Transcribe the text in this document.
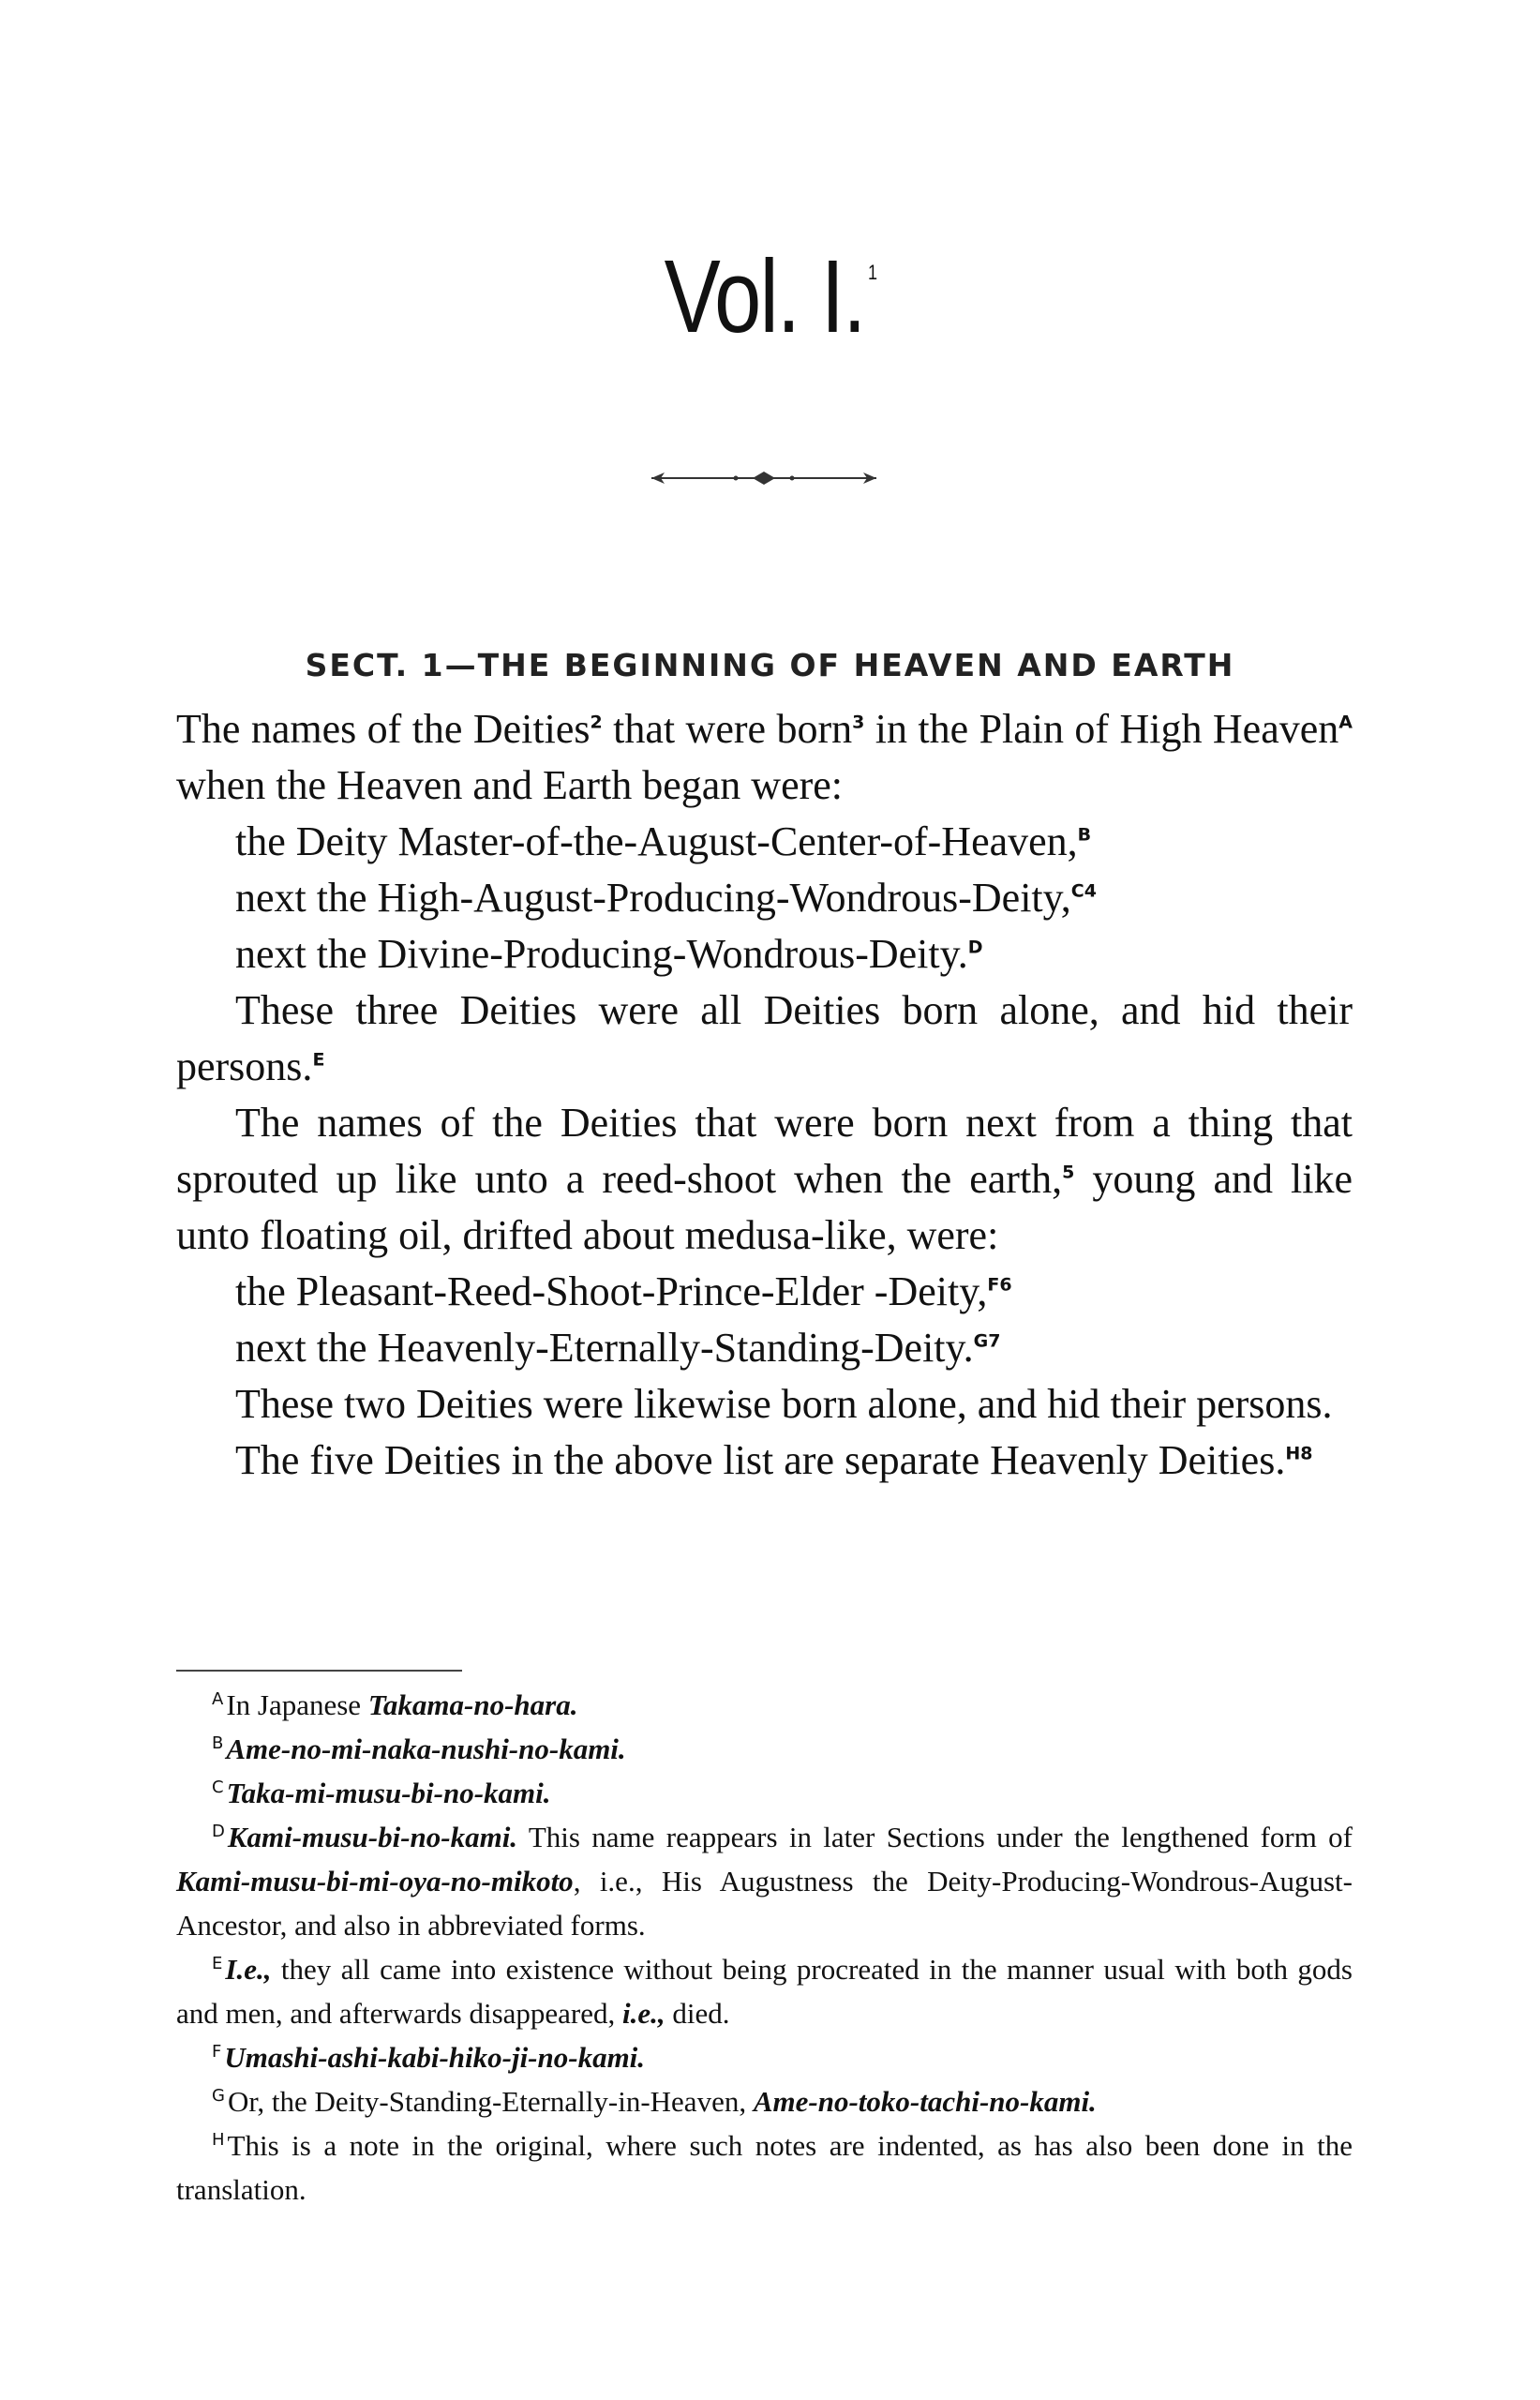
Vol. I. $^1$
SECT. 1—THE BEGINNING OF HEAVEN AND EARTH

The names of the Deities$^2$ that were born$^3$ in the Plain of High Heaven$^A$ when the Heaven and Earth began were:

the Deity Master-of-the-August-Center-of-Heaven,$^B$

next the High-August-Producing-Wondrous-Deity,$^{C4}$

next the Divine-Producing-Wondrous-Deity.$^D$

These three Deities were all Deities born alone, and hid their persons.$^E$

The names of the Deities that were born next from a thing that sprouted up like unto a reed-shoot when the earth,$^5$ young and like unto floating oil, drifted about medusa-like, were:

the Pleasant-Reed-Shoot-Prince-Elder -Deity,$^{F6}$

next the Heavenly-Eternally-Standing-Deity.$^{G7}$

These two Deities were likewise born alone, and hid their persons.

The five Deities in the above list are separate Heavenly Deities.$^{H8}$

$^A$In Japanese Takama-no-hara.

$^B$Ame-no-mi-naka-nushi-no-kami.

$^C$Taka-mi-musu-bi-no-kami.

$^D$Kami-musu-bi-no-kami. This name reappears in later Sections under the lengthened form of Kami-musu-bi-mi-oya-no-mikoto, i.e., His Augustness the Deity-Producing-Wondrous-August-Ancestor, and also in abbreviated forms.

$^E$I.e., they all came into existence without being procreated in the manner usual with both gods and men, and afterwards disappeared, i.e., died.

$^F$Umashi-ashi-kabi-hiko-ji-no-kami.

$^G$Or, the Deity-Standing-Eternally-in-Heaven, Ame-no-toko-tachi-no-kami.

$^H$This is a note in the original, where such notes are indented, as has also been done in the translation.
